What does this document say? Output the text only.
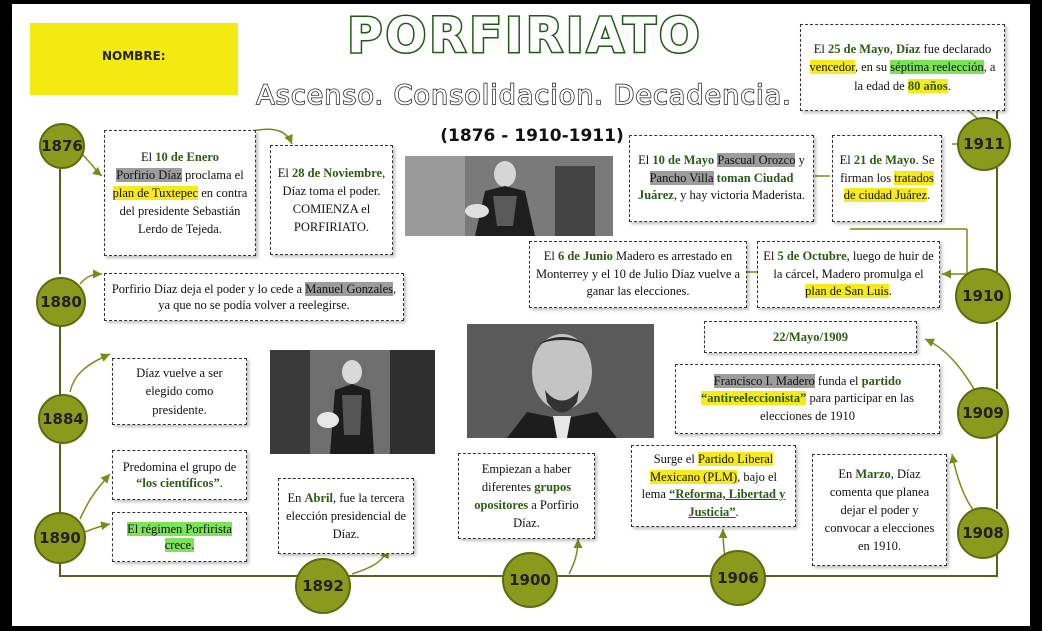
NOMBRE:	PORFIRIATO
Ascenso. Consolidacion. Decadencia.
(1876 - 1910-1911)
1876
1880
1884
1890
1892	1900	1906
1908
1909
1910
1911
El 10 de Enero
Porfirio Díaz proclama el plan de Tuxtepec en contra del presidente Sebastián Lerdo de Tejeda.
El 28 de Noviembre, Díaz toma el poder. COMIENZA el PORFIRIATO.
Porfirio Díaz deja el poder y lo cede a Manuel Gonzales, ya que no se podía volver a reelegirse.
Díaz vuelve a ser elegido como presidente.
Predomina el grupo de “los científicos”.
El régimen Porfirista crece.
En Abril, fue la tercera elección presidencial de Díaz.
Empiezan a haber diferentes grupos opositores a Porfirio Díaz.
Surge el Partido Liberal Mexicano (PLM), bajo el lema “Reforma, Libertad y Justicia”.
En Marzo, Díaz comenta que planea dejar el poder y convocar a elecciones en 1910.
22/Mayo/1909
Francisco I. Madero funda el partido
“antireeleccionista” para participar en las elecciones de 1910
El 6 de Junio Madero es arrestado en Monterrey y el 10 de Julio Díaz vuelve a ganar las elecciones.
El 5 de Octubre, luego de huir de la cárcel, Madero promulga el plan de San Luis.
El 10 de Mayo Pascual Orozco y Pancho Villa toman Ciudad Juárez, y hay victoria Maderista.
El 21 de Mayo. Se firman los tratados de ciudad Juárez.
El 25 de Mayo, Díaz fue declarado vencedor, en su séptima reelección, a la edad de 80 años.
